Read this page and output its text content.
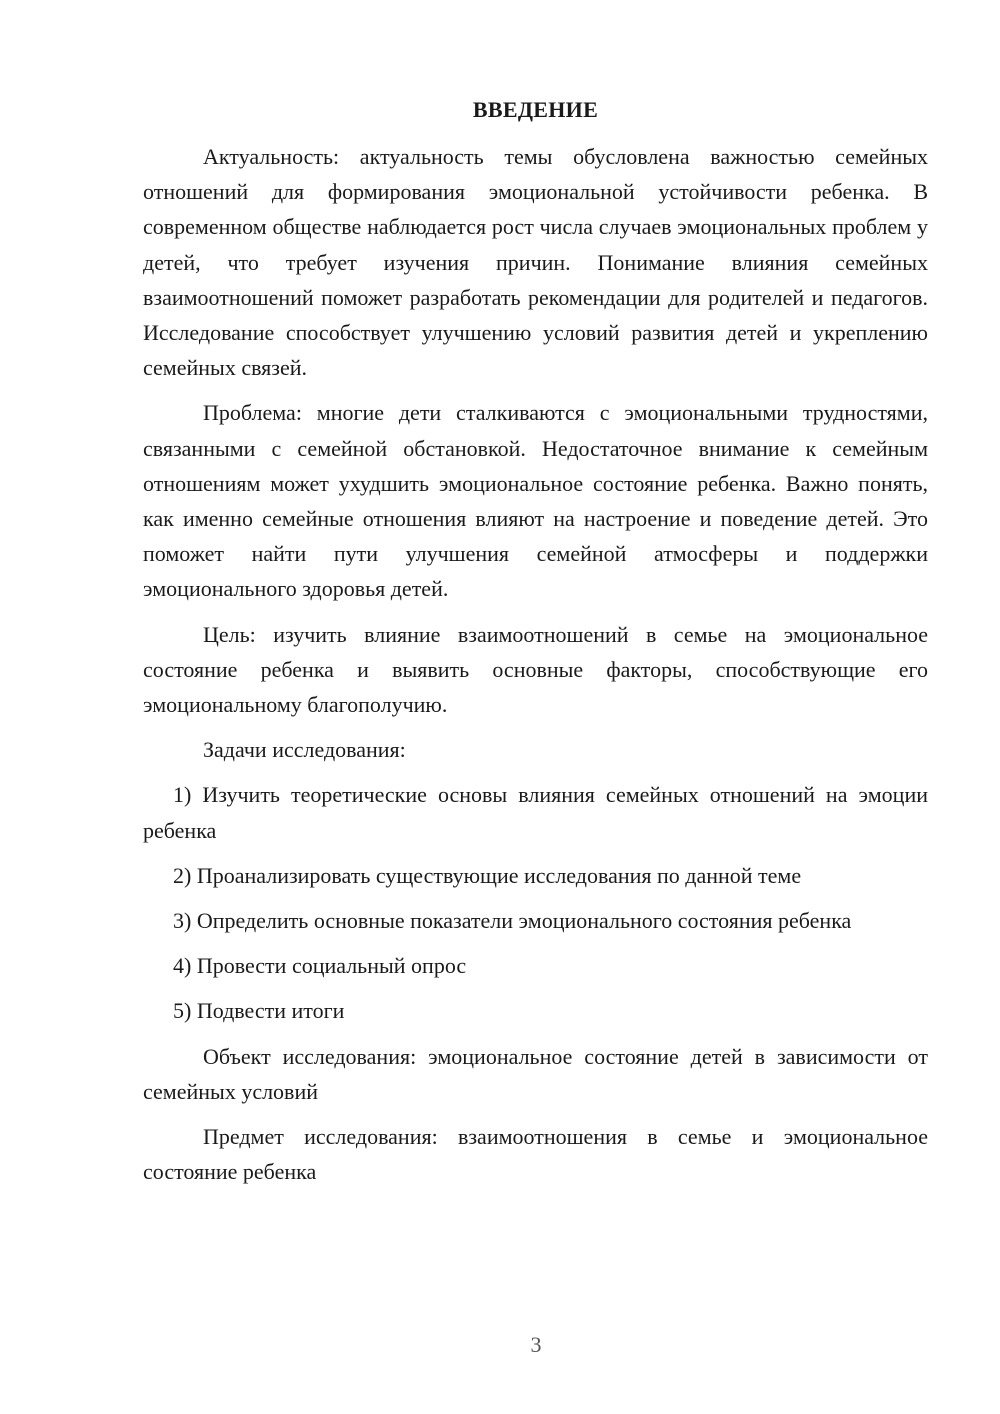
ВВЕДЕНИЕ

Актуальность: актуальность темы обусловлена важностью семейных отношений для формирования эмоциональной устойчивости ребенка. В современном обществе наблюдается рост числа случаев эмоциональных проблем у детей, что требует изучения причин. Понимание влияния семейных взаимоотношений поможет разработать рекомендации для родителей и педагогов. Исследование способствует улучшению условий развития детей и укреплению семейных связей.

Проблема: многие дети сталкиваются с эмоциональными трудностями, связанными с семейной обстановкой. Недостаточное внимание к семейным отношениям может ухудшить эмоциональное состояние ребенка. Важно понять, как именно семейные отношения влияют на настроение и поведение детей. Это поможет найти пути улучшения семейной атмосферы и поддержки эмоционального здоровья детей.

Цель: изучить влияние взаимоотношений в семье на эмоциональное состояние ребенка и выявить основные факторы, способствующие его эмоциональному благополучию.

Задачи исследования:

1) Изучить теоретические основы влияния семейных отношений на эмоции ребенка

2) Проанализировать существующие исследования по данной теме

3) Определить основные показатели эмоционального состояния ребенка

4) Провести социальный опрос

5) Подвести итоги

Объект исследования: эмоциональное состояние детей в зависимости от семейных условий

Предмет исследования: взаимоотношения в семье и эмоциональное состояние ребенка

3
